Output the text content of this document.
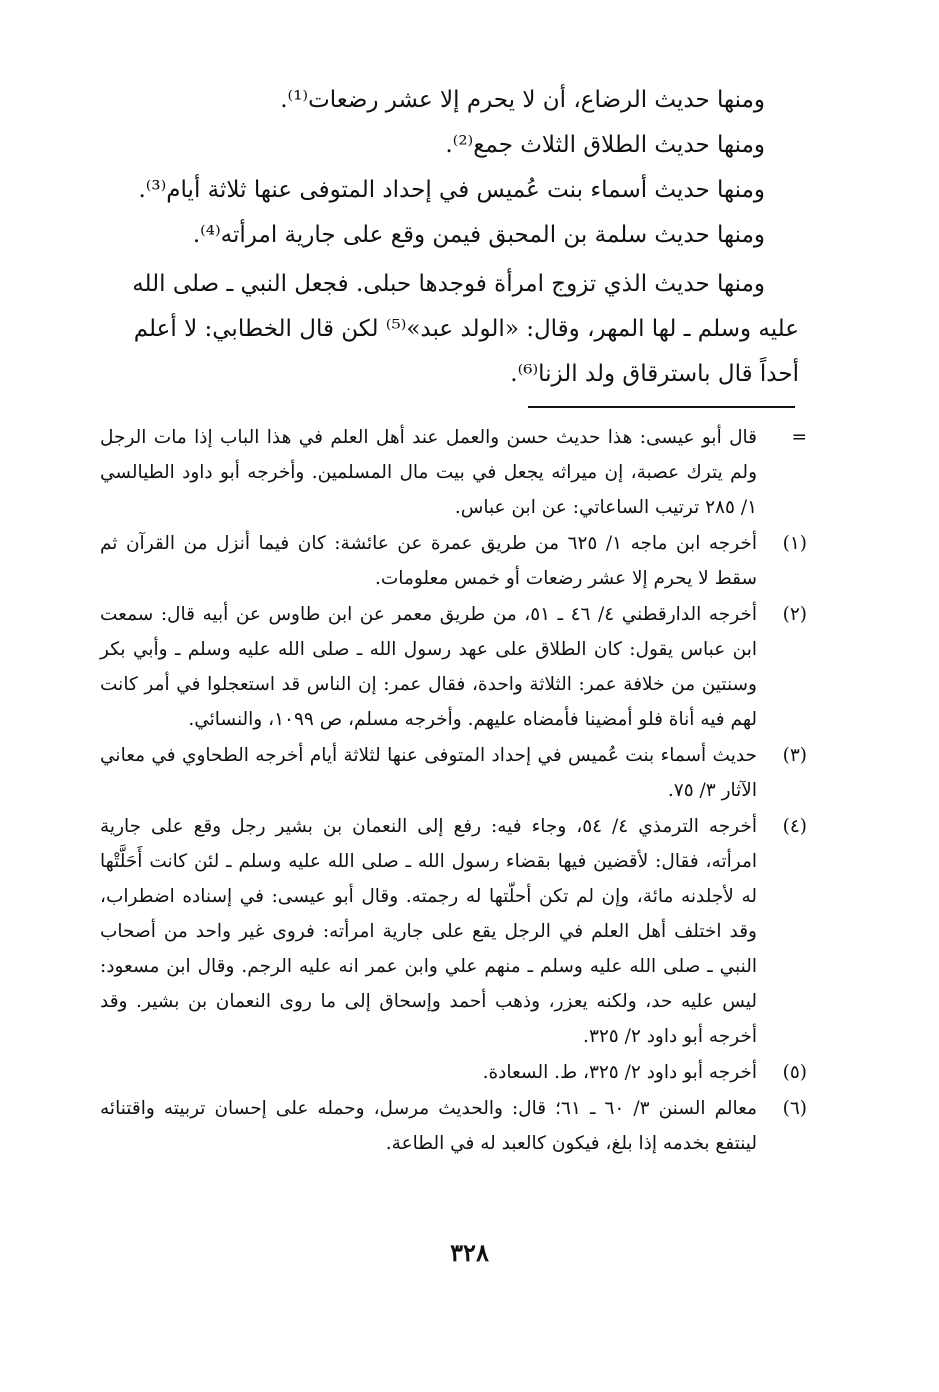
ومنها حديث الرضاع، أن لا يحرم إلا عشر رضعات⁽¹⁾.
ومنها حديث الطلاق الثلاث جمع⁽²⁾.
ومنها حديث أسماء بنت عُميس في إحداد المتوفى عنها ثلاثة أيام⁽³⁾.
ومنها حديث سلمة بن المحبق فيمن وقع على جارية امرأته⁽⁴⁾.
ومنها حديث الذي تزوج امرأة فوجدها حبلى. فجعل النبي ـ صلى الله
عليه وسلم ـ لها المهر، وقال: «الولد عبد»⁽⁵⁾ لكن قال الخطابي: لا أعلم
أحداً قال باسترقاق ولد الزنا⁽⁶⁾.
=
قال أبو عيسى: هذا حديث حسن والعمل عند أهل العلم في هذا الباب إذا مات الرجل ولم يترك عصبة، إن ميراثه يجعل في بيت مال المسلمين. وأخرجه أبو داود الطيالسي ١/ ٢٨٥ ترتيب الساعاتي: عن ابن عباس.
(١)
أخرجه ابن ماجه ١/ ٦٢٥ من طريق عمرة عن عائشة: كان فيما أنزل من القرآن ثم سقط لا يحرم إلا عشر رضعات أو خمس معلومات.
(٢)
أخرجه الدارقطني ٤/ ٤٦ ـ ٥١، من طريق معمر عن ابن طاوس عن أبيه قال: سمعت ابن عباس يقول: كان الطلاق على عهد رسول الله ـ صلى الله عليه وسلم ـ وأبي بكر وسنتين من خلافة عمر: الثلاثة واحدة، فقال عمر: إن الناس قد استعجلوا في أمر كانت لهم فيه أناة فلو أمضينا فأمضاه عليهم. وأخرجه مسلم، ص ١٠٩٩، والنسائي.
(٣)
حديث أسماء بنت عُميس في إحداد المتوفى عنها لثلاثة أيام أخرجه الطحاوي في معاني الآثار ٣/ ٧٥.
(٤)
أخرجه الترمذي ٤/ ٥٤، وجاء فيه: رفع إلى النعمان بن بشير رجل وقع على جارية امرأته، فقال: لأقضين فيها بقضاء رسول الله ـ صلى الله عليه وسلم ـ لئن كانت أَحَلَّتْها له لأجلدنه مائة، وإن لم تكن أحلّتها له رجمته. وقال أبو عيسى: في إسناده اضطراب، وقد اختلف أهل العلم في الرجل يقع على جارية امرأته: فروى غير واحد من أصحاب النبي ـ صلى الله عليه وسلم ـ منهم علي وابن عمر انه عليه الرجم. وقال ابن مسعود: ليس عليه حد، ولكنه يعزر، وذهب أحمد وإسحاق إلى ما روى النعمان بن بشير. وقد أخرجه أبو داود ٢/ ٣٢٥.
(٥)
أخرجه أبو داود ٢/ ٣٢٥، ط. السعادة.
(٦)
معالم السنن ٣/ ٦٠ ـ ٦١؛ قال: والحديث مرسل، وحمله على إحسان تربيته واقتنائه لينتفع بخدمه إذا بلغ، فيكون كالعبد له في الطاعة.
٣٢٨
